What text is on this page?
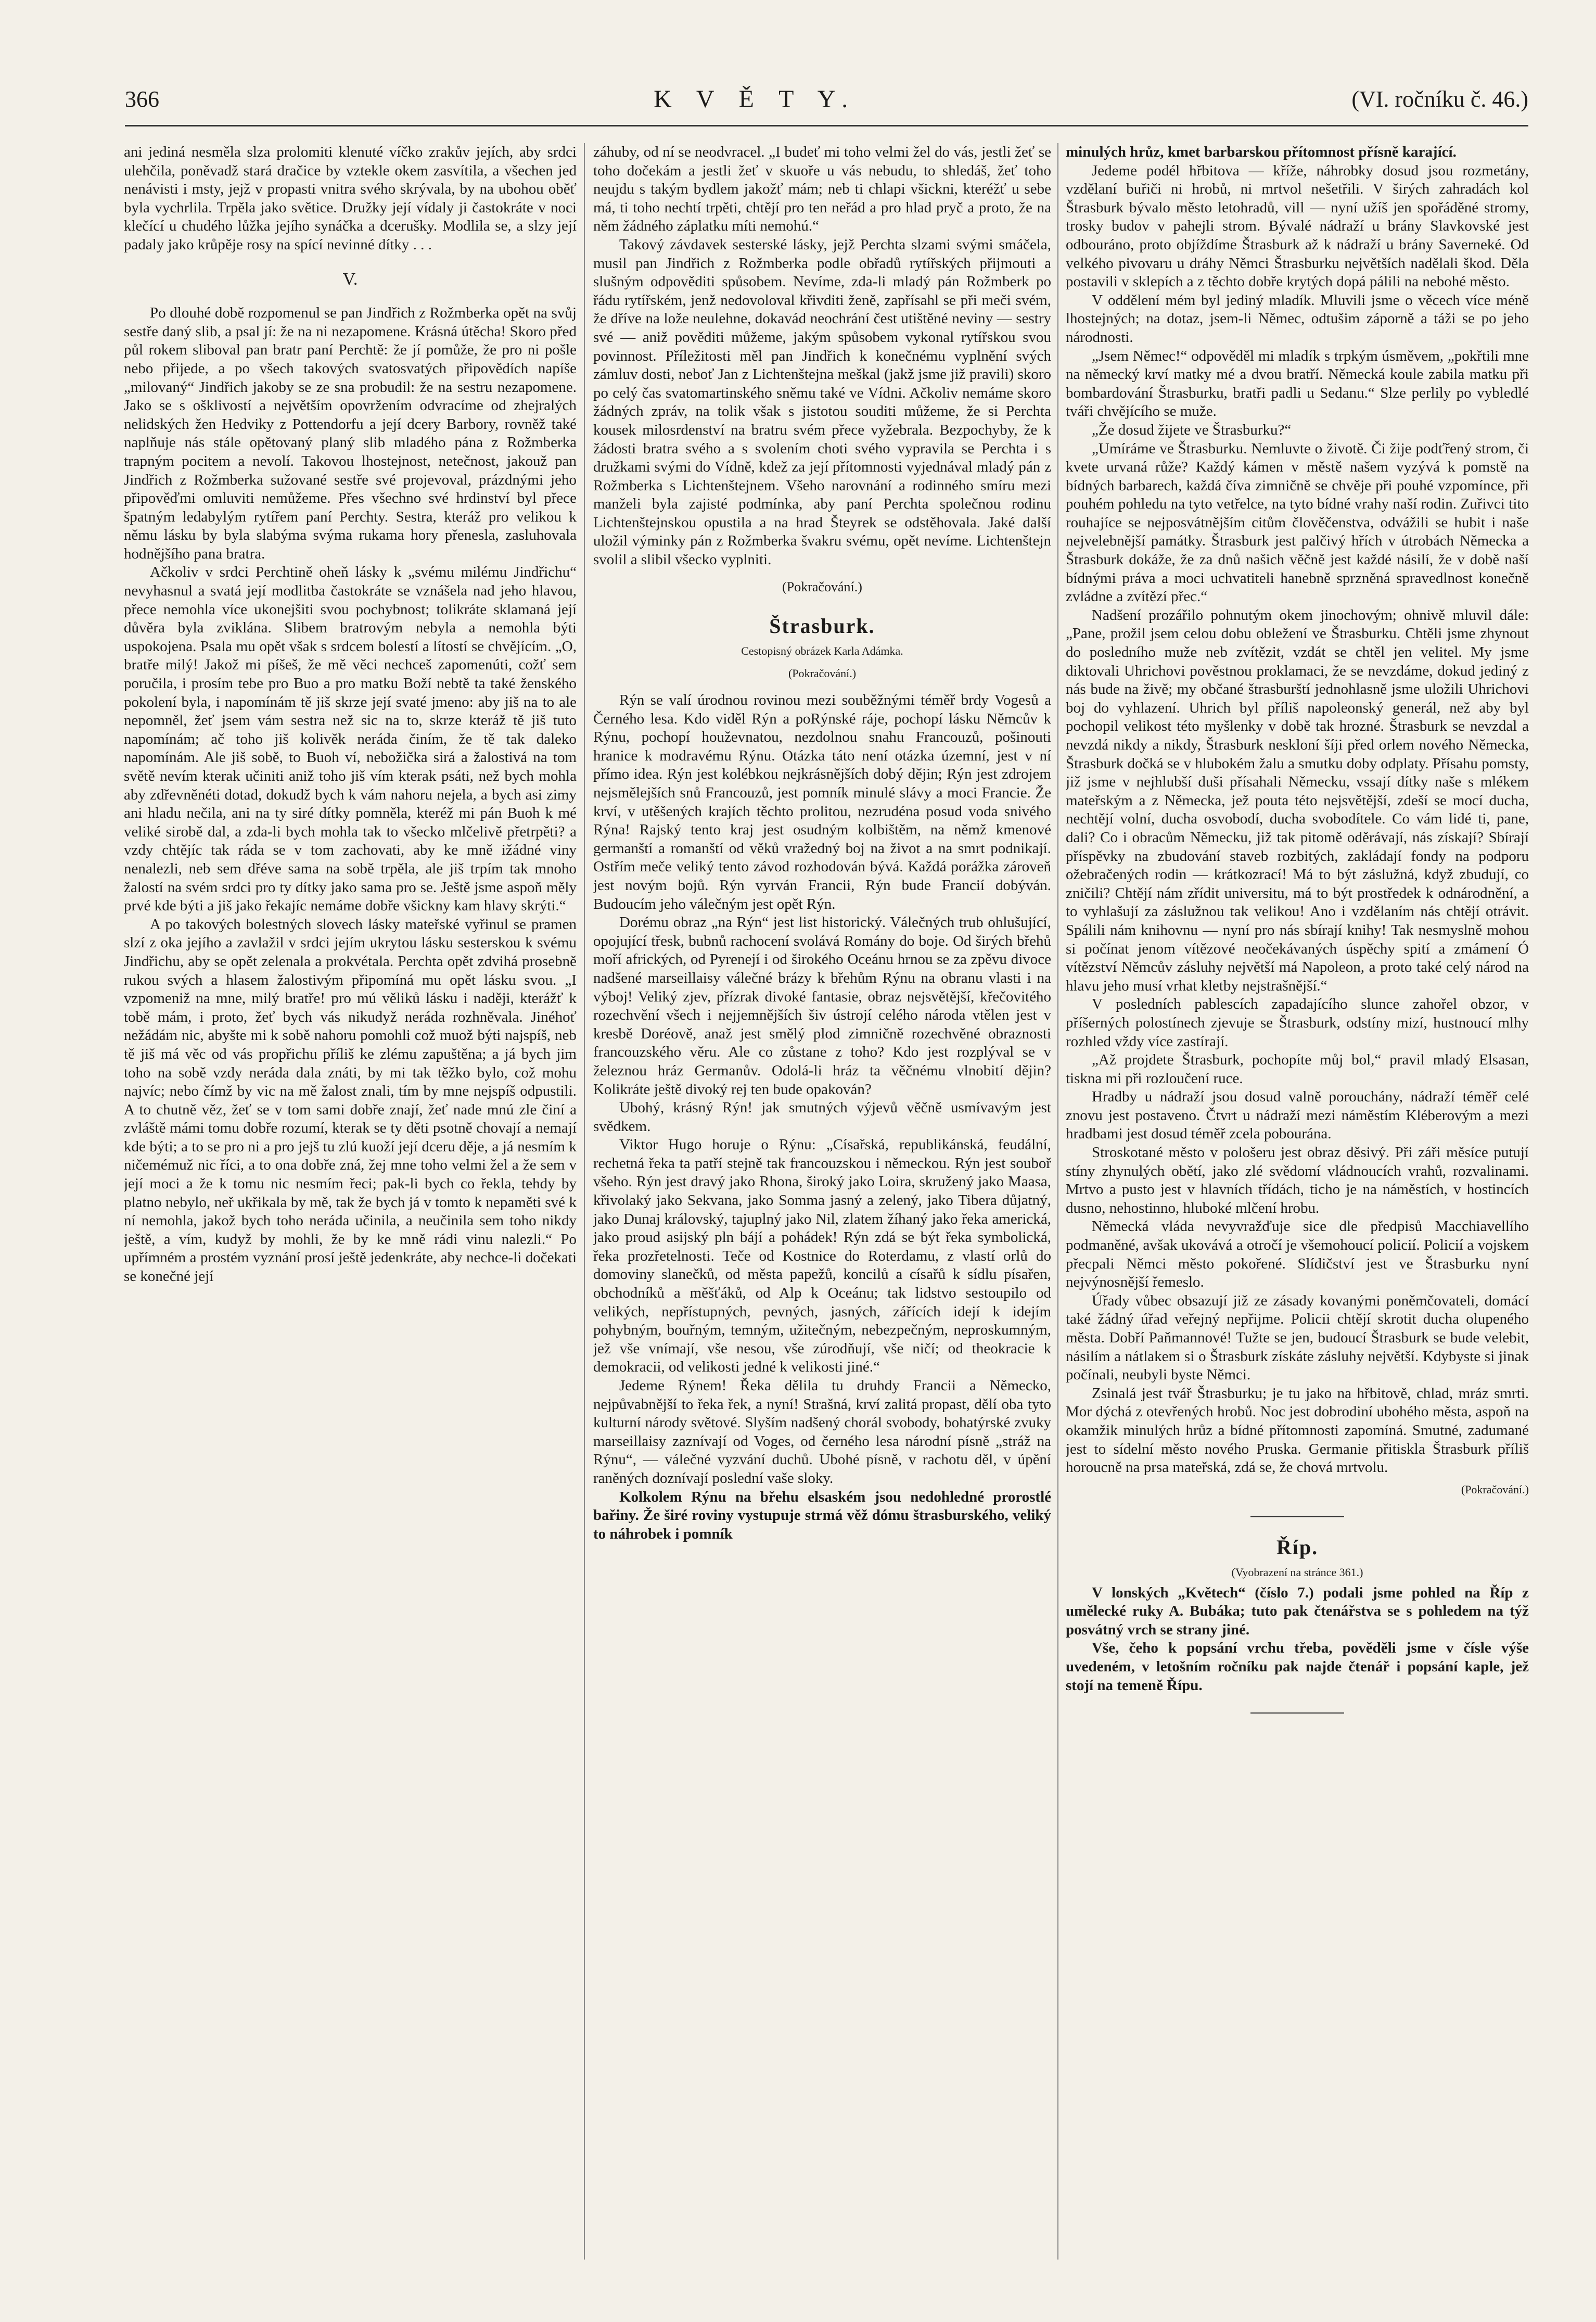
366	K V Ě T Y.	(VI. ročníku č. 46.)

ani jediná nesměla slza prolomiti klenuté víčko zrakův jejích, aby srdci ulehčila, poněvadž stará dračice by vztekle okem zasvítila, a všechen jed nenávisti i msty, jejž v propasti vnitra svého skrývala, by na ubohou oběť byla vychrlila. Trpěla jako světice. Družky její vídaly ji častokráte v noci klečící u chudého lůžka jejího synáčka a dcerušky. Modlila se, a slzy její padaly jako krůpěje rosy na spící nevinné dítky . . .

V.

Po dlouhé době rozpomenul se pan Jindřich z Rožmberka opět na svůj sestře daný slib, a psal jí: že na ni nezapomene. Krásná útěcha! Skoro před půl rokem sliboval pan bratr paní Perchtě: že jí pomůže, že pro ni pošle nebo přijede, a po všech takových svatosvatých připovědích napíše „milovaný“ Jindřich jakoby se ze sna probudil: že na sestru nezapomene. Jako se s ošklivostí a největším opovržením odvracíme od zhejralých nelidských žen Hedviky z Pottendorfu a její dcery Barbory, rovněž také naplňuje nás stále opětovaný planý slib mladého pána z Rožmberka trapným pocitem a nevolí. Takovou lhostejnost, netečnost, jakouž pan Jindřich z Rožmberka sužované sestře své projevoval, prázdnými jeho připověďmi omluviti nemůžeme. Přes všechno své hrdinství byl přece špatným ledabylým rytířem paní Perchty. Sestra, kteráž pro velikou k němu lásku by byla slabýma svýma rukama hory přenesla, zasluhovala hodnějšího pana bratra.

Ačkoliv v srdci Perchtině oheň lásky k „svému milému Jindřichu“ nevyhasnul a svatá její modlitba častokráte se vznášela nad jeho hlavou, přece nemohla více ukonejšiti svou pochybnost; tolikráte sklamaná její důvěra byla zviklána. Slibem bratrovým nebyla a nemohla býti uspokojena. Psala mu opět však s srdcem bolestí a lítostí se chvějícím. „O, bratře milý! Jakož mi píšeš, že mě věci nechceš zapomenúti, cožť sem poručila, i prosím tebe pro Buo a pro matku Boží nebtě ta také ženského pokolení byla, i napomínám tě jiš skrze její svaté jmeno: aby jiš na to ale nepomněl, žeť jsem vám sestra než sic na to, skrze kteráž tě jiš tuto napomínám; ač toho jiš kolivěk neráda činím, že tě tak daleko napomínám. Ale jiš sobě, to Buoh ví, nebožička sirá a žalostivá na tom světě nevím kterak učiniti aniž toho jiš vím kterak psáti, než bych mohla aby zdřevněnéti dotad, dokudž bych k vám nahoru nejela, a bych asi zimy ani hladu nečila, ani na ty siré dítky pomněla, kteréž mi pán Buoh k mé veliké sirobě dal, a zda-li bych mohla tak to všecko mlčelivě přetrpěti? a vzdy chtějíc tak ráda se v tom zachovati, aby ke mně ižádné viny nenalezli, neb sem dřéve sama na sobě trpěla, ale jiš trpím tak mnoho žalostí na svém srdci pro ty dítky jako sama pro se. Ještě jsme aspoň měly prvé kde býti a jiš jako řekajíc nemáme dobře všickny kam hlavy skrýti.“

A po takových bolestných slovech lásky mateřské vyřinul se pramen slzí z oka jejího a zavlažil v srdci jejím ukrytou lásku sesterskou k svému Jindřichu, aby se opět zelenala a prokvétala. Perchta opět zdvihá prosebně rukou svých a hlasem žalostivým připomíná mu opět lásku svou. „I vzpomeniž na mne, milý bratře! pro mú věliků lásku i naději, kterážť k tobě mám, i proto, žeť bych vás nikudyž neráda rozhněvala. Jinéhoť nežádám nic, abyšte mi k sobě nahoru pomohli což muož býti najspíš, neb tě jiš má věc od vás propřichu příliš ke zlému zapuštěna; a já bych jim toho na sobě vzdy neráda dala znáti, by mi tak těžko bylo, což mohu najvíc; nebo čímž by vic na mě žalost znali, tím by mne nejspíš odpustili. A to chutně věz, žeť se v tom sami dobře znají, žeť nade mnú zle činí a zvláště mámi tomu dobře rozumí, kterak se ty děti psotně chovají a nemají kde býti; a to se pro ni a pro jejš tu zlú kuoží její dceru děje, a já nesmím k ničemémuž nic říci, a to ona dobře zná, žej mne toho velmi žel a že sem v její moci a že k tomu nic nesmím řeci; pak-li bych co řekla, tehdy by platno nebylo, neř ukřikala by mě, tak že bych já v tomto k nepaměti své k ní nemohla, jakož bych toho neráda učinila, a neučinila sem toho nikdy ještě, a vím, kudyž by mohli, že by ke mně rádi vinu nalezli.“ Po upřímném a prostém vyznání prosí ještě jedenkráte, aby nechce-li dočekati se konečné její

záhuby, od ní se neodvracel. „I budeť mi toho velmi žel do vás, jestli žeť se toho dočekám a jestli žeť v skuoře u vás nebudu, to shledáš, žeť toho neujdu s takým bydlem jakožť mám; neb ti chlapi všickni, kteréžť u sebe má, ti toho nechtí trpěti, chtějí pro ten neřád a pro hlad pryč a proto, že na něm žádného záplatku míti nemohú.“

Takový závdavek sesterské lásky, jejž Perchta slzami svými smáčela, musil pan Jindřich z Rožmberka podle obřadů rytířských přijmouti a slušným odpověditi spůsobem. Nevíme, zda-li mladý pán Rožmberk po řádu rytířském, jenž nedovoloval křivditi ženě, zapřísahl se při meči svém, že dříve na lože neulehne, dokavád neochrání čest utištěné neviny — sestry své — aniž pověditi můžeme, jakým spůsobem vykonal rytířskou svou povinnost. Příležitosti měl pan Jindřich k konečnému vyplnění svých zámluv dosti, neboť Jan z Lichtenštejna meškal (jakž jsme již pravili) skoro po celý čas svatomartinského sněmu také ve Vídni. Ačkoliv nemáme skoro žádných zpráv, na tolik však s jistotou souditi můžeme, že si Perchta kousek milosrdenství na bratru svém přece vyžebrala. Bezpochyby, že k žádosti bratra svého a s svolením choti svého vypravila se Perchta i s družkami svými do Vídně, kdež za její přítomnosti vyjednával mladý pán z Rožmberka s Lichtenštejnem. Všeho narovnání a rodinného smíru mezi manželi byla zajisté podmínka, aby paní Perchta společnou rodinu Lichtenštejnskou opustila a na hrad Šteyrek se odstěhovala. Jaké další uložil výminky pán z Rožmberka švakru svému, opět nevíme. Lichtenštejn svolil a slibil všecko vyplniti.

(Pokračování.)
Štrasburk.
Cestopisný obrázek Karla Adámka.
(Pokračování.)

Rýn se valí úrodnou rovinou mezi souběžnými téměř brdy Vogesů a Černého lesa. Kdo viděl Rýn a poRýnské ráje, pochopí lásku Němcův k Rýnu, pochopí houževnatou, nezdolnou snahu Francouzů, pošinouti hranice k modravému Rýnu. Otázka táto není otázka územní, jest v ní přímo idea. Rýn jest kolébkou nejkrásnějších dobý dějin; Rýn jest zdrojem nejsmělejších snů Francouzů, jest pomník minulé slávy a moci Francie. Že krví, v utěšených krajích těchto prolitou, nezrudéna posud voda snivého Rýna! Rajský tento kraj jest osudným kolbištěm, na němž kmenové germanští a romanští od věků vražedný boj na život a na smrt podnikají. Ostřím meče veliký tento závod rozhodován bývá. Každá porážka zároveň jest novým bojů. Rýn vyrván Francii, Rýn bude Francií dobýván. Budoucím jeho válečným jest opět Rýn.

Dorému obraz „na Rýn“ jest list historický. Válečných trub ohlušující, opojující třesk, bubnů rachocení svolává Romány do boje. Od širých břehů moří afrických, od Pyrenejí i od širokého Oceánu hrnou se za zpěvu divoce nadšené marseillaisy válečné brázy k břehům Rýnu na obranu vlasti i na výboj! Veliký zjev, přízrak divoké fantasie, obraz nejsvětější, křečovitého rozechvění všech i nejjemnějších šiv ústrojí celého národa vtělen jest v kresbě Doréově, anaž jest smělý plod zimničně rozechvěné obraznosti francouzského věru. Ale co zůstane z toho? Kdo jest rozplýval se v železnou hráz Germanův. Odolá-li hráz ta věčnému vlnobití dějin? Kolikráte ještě divoký rej ten bude opakován?

Ubohý, krásný Rýn! jak smutných výjevů věčně usmívavým jest svědkem.

Viktor Hugo horuje o Rýnu: „Císařská, republikánská, feudální, rechetná řeka ta patří stejně tak francouzskou i německou. Rýn jest souboř všeho. Rýn jest dravý jako Rhona, široký jako Loira, skružený jako Maasa, křivolaký jako Sekvana, jako Somma jasný a zelený, jako Tibera důjatný, jako Dunaj královský, tajuplný jako Nil, zlatem žíhaný jako řeka americká, jako proud asijský pln bájí a pohádek! Rýn zdá se být řeka symbolická, řeka prozřetelnosti. Teče od Kostnice do Roterdamu, z vlastí orlů do domoviny slanečků, od města papežů, koncilů a císařů k sídlu písařen, obchodníků a měšťáků, od Alp k Oceánu; tak lidstvo sestoupilo od velikých, nepřístupných, pevných, jasných, zářících idejí k idejím pohybným, bouřným, temným, užitečným, nebezpečným, neproskumným, jež vše vnímají, vše nesou, vše zúrodňují, vše ničí; od theokracie k demokracii, od velikosti jedné k velikosti jiné.“

Jedeme Rýnem! Řeka dělila tu druhdy Francii a Německo, nejpůvabnější to řeka řek, a nyní! Strašná, krví zalitá propast, dělí oba tyto kulturní národy světové. Slyším nadšený chorál svobody, bohatýrské zvuky marseillaisy zaznívají od Voges, od černého lesa národní písně „stráž na Rýnu“, — válečné vyzvání duchů. Ubohé písně, v rachotu děl, v úpění raněných doznívají poslední vaše sloky.

Kolkolem Rýnu na břehu elsaském jsou nedohledné prorostlé bařiny. Že širé roviny vystupuje strmá věž dómu štrasburského, veliký to náhrobek i pomník

minulých hrůz, kmet barbarskou přítomnost přísně karající.

Jedeme podél hřbitova — kříže, náhrobky dosud jsou rozmetány, vzdělaní buřiči ni hrobů, ni mrtvol nešetřili. V širých zahradách kol Štrasburk bývalo město letohradů, vill — nyní užíš jen spořáděné stromy, trosky budov v pahejli strom. Bývalé nádraží u brány Slavkovské jest odbouráno, proto objíždíme Štrasburk až k nádraží u brány Saverneké. Od velkého pivovaru u dráhy Němci Štrasburku největších nadělali škod. Děla postavili v sklepích a z těchto dobře krytých dopá pálili na nebohé město.

V oddělení mém byl jediný mladík. Mluvili jsme o věcech více méně lhostejných; na dotaz, jsem-li Němec, odtušim záporně a táži se po jeho národnosti.

„Jsem Němec!“ odpověděl mi mladík s trpkým úsměvem, „pokřtili mne na německý krví matky mé a dvou bratří. Německá koule zabila matku při bombardování Štrasburku, bratři padli u Sedanu.“ Slze perlily po vybledlé tváři chvějícího se muže.

„Že dosud žijete ve Štrasburku?“

„Umíráme ve Štrasburku. Nemluvte o životě. Či žije podťřený strom, či kvete urvaná růže? Každý kámen v městě našem vyzývá k pomstě na bídných barbarech, každá číva zimničně se chvěje při pouhé vzpomínce, při pouhém pohledu na tyto vetřelce, na tyto bídné vrahy naší rodin. Zuřivci tito rouhajíce se nejposvátnějším citům člověčenstva, odvážili se hubit i naše nejvelebnější památky. Štrasburk jest palčivý hřích v útrobách Německa a Štrasburk dokáže, že za dnů našich věčně jest každé násilí, že v době naší bídnými práva a moci uchvatiteli hanebně sprzněná spravedlnost konečně zvládne a zvítězí přec.“

Nadšení prozářilo pohnutým okem jinochovým; ohnivě mluvil dále: „Pane, prožil jsem celou dobu obležení ve Štrasburku. Chtěli jsme zhynout do posledního muže neb zvítězit, vzdát se chtěl jen velitel. My jsme diktovali Uhrichovi pověstnou proklamaci, že se nevzdáme, dokud jediný z nás bude na živě; my občané štrasburští jednohlasně jsme uložili Uhrichovi boj do vyhlazení. Uhrich byl příliš napoleonský generál, než aby byl pochopil velikost této myšlenky v době tak hrozné. Štrasburk se nevzdal a nevzdá nikdy a nikdy, Štrasburk neskloní šíji před orlem nového Německa, Štrasburk dočká se v hlubokém žalu a smutku doby odplaty. Přísahu pomsty, již jsme v nejhlubší duši přísahali Německu, vssají dítky naše s mlékem mateřským a z Německa, jež pouta této nejsvětější, zdeší se mocí ducha, nechtějí volní, ducha osvobodí, ducha svobodítele. Co vám lidé ti, pane, dali? Co i obracům Německu, již tak pitomě oděrávají, nás získají? Sbírají příspěvky na zbudování staveb rozbitých, zakládají fondy na podporu ožebračených rodin — krátkozrací! Má to být záslužná, když zbudují, co zničili? Chtějí nám zřídit universitu, má to být prostředek k odnárodnění, a to vyhlašují za záslužnou tak velikou! Ano i vzdělaním nás chtějí otrávit. Spálili nám knihovnu — nyní pro nás sbírají knihy! Tak nesmyslně mohou si počínat jenom vítězové neočekávaných úspěchy spití a zmámení Ó vítězství Němcův zásluhy největší má Napoleon, a proto také celý národ na hlavu jeho musí vrhat kletby nejstrašnější.“

V posledních pablescích zapadajícího slunce zahořel obzor, v příšerných polostínech zjevuje se Štrasburk, odstíny mizí, hustnoucí mlhy rozhled vždy více zastírají.

„Až projdete Štrasburk, pochopíte můj bol,“ pravil mladý Elsasan, tiskna mi při rozloučení ruce.

Hradby u nádraží jsou dosud valně porouchány, nádraží téměř celé znovu jest postaveno. Čtvrt u nádraží mezi náměstím Kléberovým a mezi hradbami jest dosud téměř zcela pobourána.

Stroskotané město v pološeru jest obraz děsivý. Při záři měsíce putují stíny zhynulých obětí, jako zlé svědomí vládnoucích vrahů, rozvalinami. Mrtvo a pusto jest v hlavních třídách, ticho je na náměstích, v hostincích dusno, nehostinno, hluboké mlčení hrobu.

Německá vláda nevyvražďuje sice dle předpisů Macchiavellího podmaněné, avšak ukovává a otročí je všemohoucí policií. Policií a vojskem přecpali Němci město pokořené. Slídičství jest ve Štrasburku nyní nejvýnosnější řemeslo.

Úřady vůbec obsazují již ze zásady kovanými poněmčovateli, domácí také žádný úřad veřejný nepřijme. Policii chtějí skrotit ducha olupeného města. Dobří Paňmannové! Tužte se jen, budoucí Štrasburk se bude velebit, násilím a nátlakem si o Štrasburk získáte zásluhy největší. Kdybyste si jinak počínali, neubyli byste Němci.

Zsinalá jest tvář Štrasburku; je tu jako na hřbitově, chlad, mráz smrti. Mor dýchá z otevřených hrobů. Noc jest dobrodiní ubohého města, aspoň na okamžik minulých hrůz a bídné přítomnosti zapomíná. Smutné, zadumané jest to sídelní město nového Pruska. Germanie přitiskla Štrasburk příliš horoucně na prsa mateřská, zdá se, že chová mrtvolu.

(Pokračování.)
Říp.
(Vyobrazení na stránce 361.)

V lonských „Květech“ (číslo 7.) podali jsme pohled na Říp z umělecké ruky A. Bubáka; tuto pak čtenářstva se s pohledem na týž posvátný vrch se strany jiné.

Vše, čeho k popsání vrchu třeba, pověděli jsme v čísle výše uvedeném, v letošním ročníku pak najde čtenář i popsání kaple, jež stojí na temeně Řípu.
